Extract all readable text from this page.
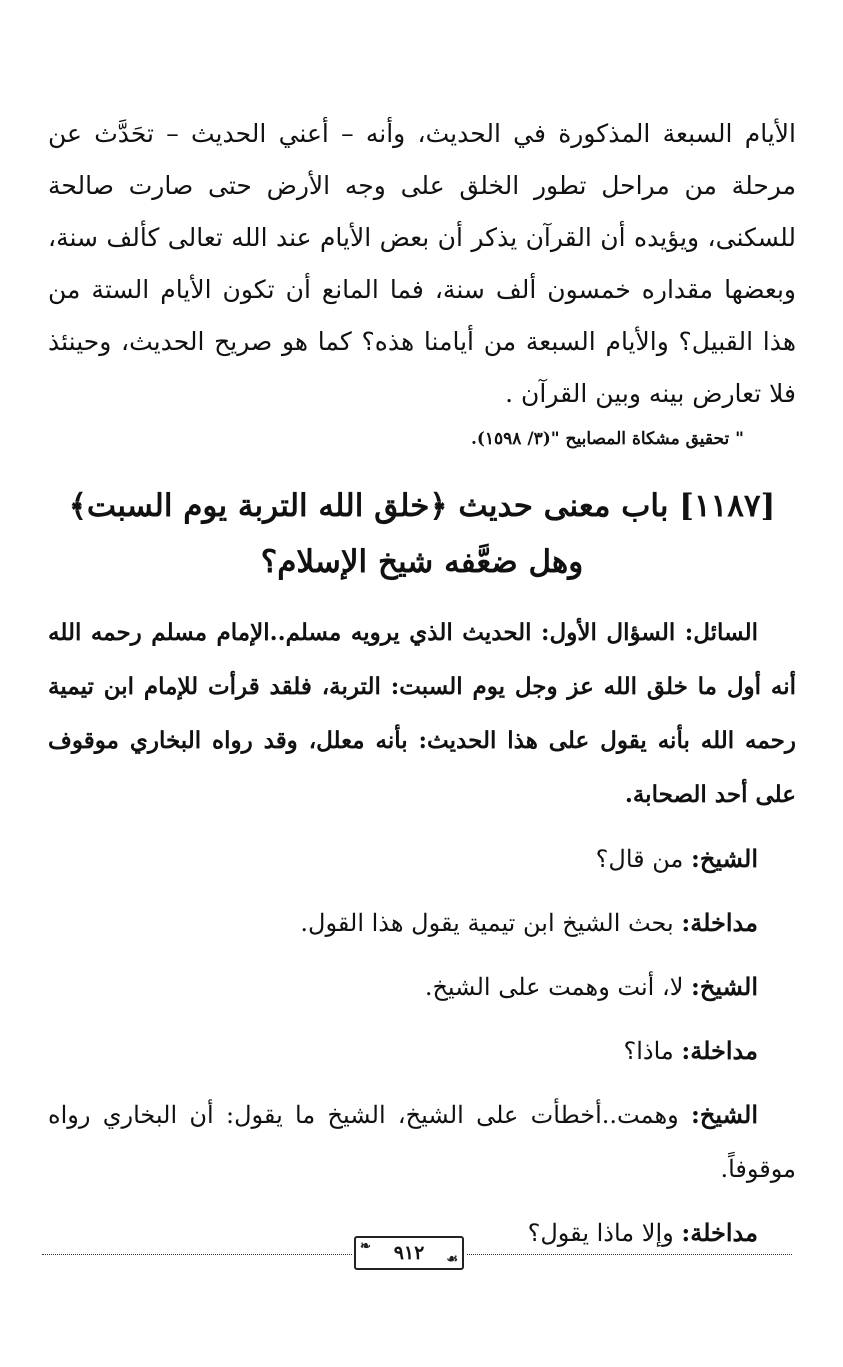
الأيام السبعة المذكورة في الحديث، وأنه – أعني الحديث – تحَدَّث عن مرحلة من مراحل تطور الخلق على وجه الأرض حتى صارت صالحة للسكنى، ويؤيده أن القرآن يذكر أن بعض الأيام عند الله تعالى كألف سنة، وبعضها مقداره خمسون ألف سنة، فما المانع أن تكون الأيام الستة من هذا القبيل؟ والأيام السبعة من أيامنا هذه؟ كما هو صريح الحديث، وحينئذ فلا تعارض بينه وبين القرآن .

" تحقيق مشكاة المصابيح "(٣/ ١٥٩٨).

[١١٨٧] باب معنى حديث ﴿خلق الله التربة يوم السبت﴾
وهل ضعَّفه شيخ الإسلام؟

السائل: السؤال الأول: الحديث الذي يرويه مسلم..الإمام مسلم رحمه الله أنه أول ما خلق الله عز وجل يوم السبت: التربة، فلقد قرأت للإمام ابن تيمية رحمه الله بأنه يقول على هذا الحديث: بأنه معلل، وقد رواه البخاري موقوف على أحد الصحابة.

الشيخ: من قال؟

مداخلة: بحث الشيخ ابن تيمية يقول هذا القول.

الشيخ: لا، أنت وهمت على الشيخ.

مداخلة: ماذا؟

الشيخ: وهمت..أخطأت على الشيخ، الشيخ ما يقول: أن البخاري رواه موقوفاً.

مداخلة: وإلا ماذا يقول؟

❧ ٩١٢ ☙
